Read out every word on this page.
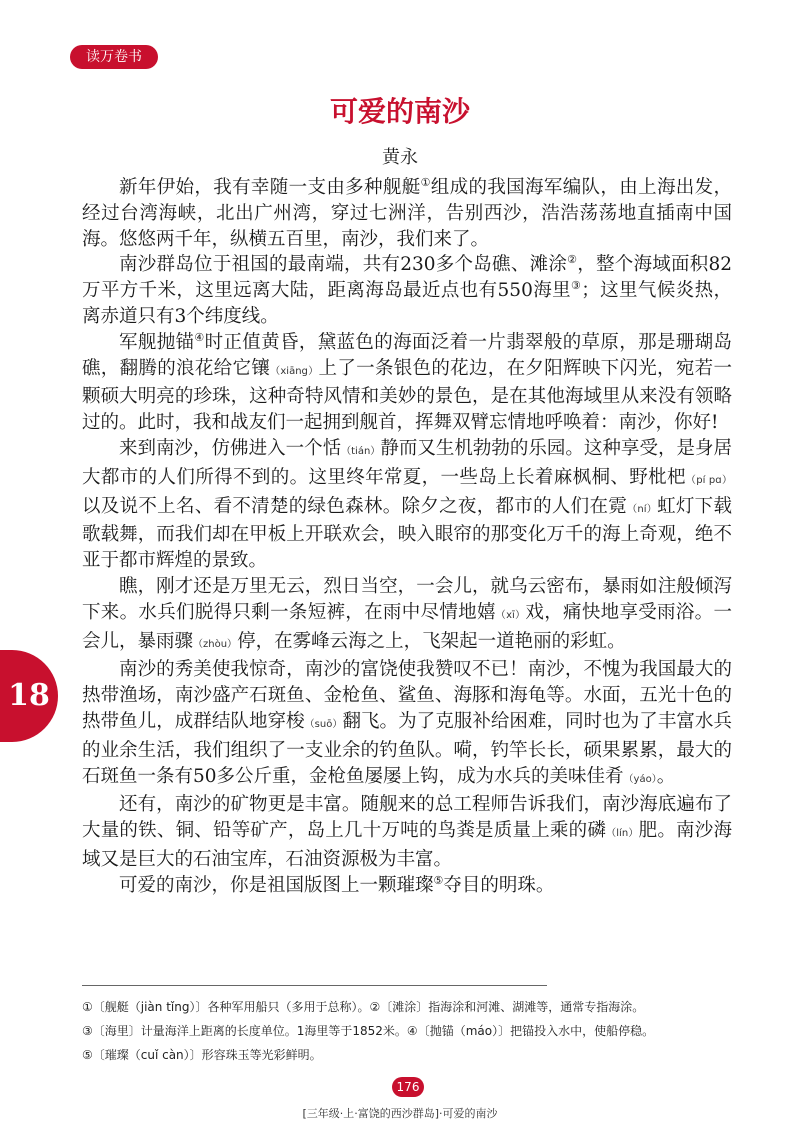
读万卷书
可爱的南沙
黄永

新年伊始，我有幸随一支由多种舰艇①组成的我国海军编队，由上海出发，经过台湾海峡，北出广州湾，穿过七洲洋，告别西沙，浩浩荡荡地直插南中国海。悠悠两千年，纵横五百里，南沙，我们来了。

南沙群岛位于祖国的最南端，共有230多个岛礁、滩涂②，整个海域面积82万平方千米，这里远离大陆，距离海岛最近点也有550海里③；这里气候炎热，离赤道只有3个纬度线。

军舰抛锚④时正值黄昏，黛蓝色的海面泛着一片翡翠般的草原，那是珊瑚岛礁，翻腾的浪花给它镶（xiāng）上了一条银色的花边，在夕阳辉映下闪光，宛若一颗硕大明亮的珍珠，这种奇特风情和美妙的景色，是在其他海域里从来没有领略过的。此时，我和战友们一起拥到舰首，挥舞双臂忘情地呼唤着：南沙，你好!

来到南沙，仿佛进入一个恬（tián）静而又生机勃勃的乐园。这种享受，是身居大都市的人们所得不到的。这里终年常夏，一些岛上长着麻枫桐、野枇杷（pí pɑ）以及说不上名、看不清楚的绿色森林。除夕之夜，都市的人们在霓（ní）虹灯下载歌载舞，而我们却在甲板上开联欢会，映入眼帘的那变化万千的海上奇观，绝不亚于都市辉煌的景致。

瞧，刚才还是万里无云，烈日当空，一会儿，就乌云密布，暴雨如注般倾泻下来。水兵们脱得只剩一条短裤，在雨中尽情地嬉（xī）戏，痛快地享受雨浴。一会儿，暴雨骤（zhòu）停，在雾峰云海之上，飞架起一道艳丽的彩虹。

南沙的秀美使我惊奇，南沙的富饶使我赞叹不已！南沙，不愧为我国最大的热带渔场，南沙盛产石斑鱼、金枪鱼、鲨鱼、海豚和海龟等。水面，五光十色的热带鱼儿，成群结队地穿梭（suō）翻飞。为了克服补给困难，同时也为了丰富水兵的业余生活，我们组织了一支业余的钓鱼队。嗬，钓竿长长，硕果累累，最大的石斑鱼一条有50多公斤重，金枪鱼屡屡上钩，成为水兵的美味佳肴（yáo）。

还有，南沙的矿物更是丰富。随舰来的总工程师告诉我们，南沙海底遍布了大量的铁、铜、铅等矿产，岛上几十万吨的鸟粪是质量上乘的磷（lín）肥。南沙海域又是巨大的石油宝库，石油资源极为丰富。

可爱的南沙，你是祖国版图上一颗璀璨⑤夺目的明珠。

18
①〔舰艇（jiàn tǐng）〕各种军用船只（多用于总称）。②〔滩涂〕指海涂和河滩、湖滩等，通常专指海涂。
③〔海里〕计量海洋上距离的长度单位。1海里等于1852米。④〔抛锚（máo）〕把锚投入水中，使船停稳。
⑤〔璀璨（cuǐ càn）〕形容珠玉等光彩鲜明。
176
[三年级·上·富饶的西沙群岛]·可爱的南沙
